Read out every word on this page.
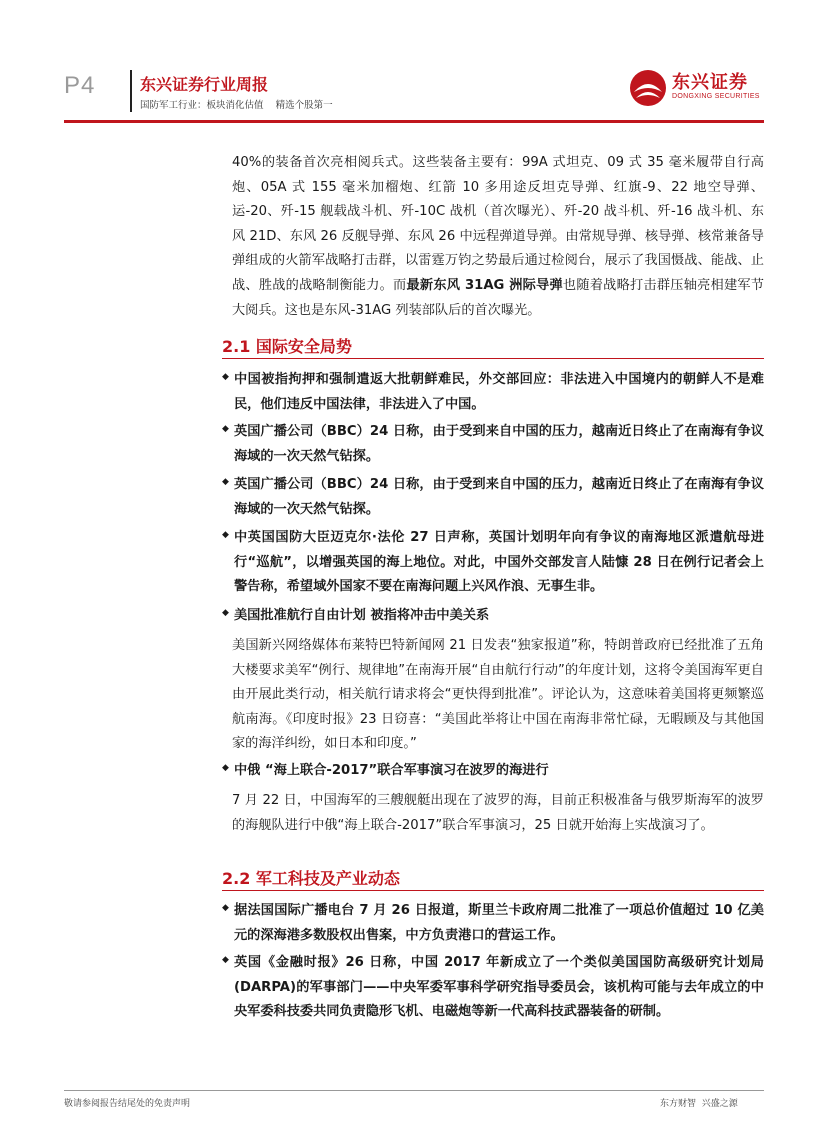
P4	东兴证券行业周报
国防军工行业：板块消化估值    精选个股第一
东兴证券
DONGXING SECURITIES
40%的装备首次亮相阅兵式。这些装备主要有：99A 式坦克、09 式 35 毫米履带自行高炮、05A 式 155 毫米加榴炮、红箭 10 多用途反坦克导弹、红旗-9、22 地空导弹、运-20、歼-15 舰载战斗机、歼-10C 战机（首次曝光）、歼-20 战斗机、歼-16 战斗机、东风 21D、东风 26 反舰导弹、东风 26 中远程弹道导弹。由常规导弹、核导弹、核常兼备导弹组成的火箭军战略打击群，以雷霆万钧之势最后通过检阅台，展示了我国慑战、能战、止战、胜战的战略制衡能力。而最新东风 31AG 洲际导弹也随着战略打击群压轴亮相建军节大阅兵。这也是东风-31AG 列装部队后的首次曝光。
2.1 国际安全局势
◆ 中国被指拘押和强制遣返大批朝鲜难民，外交部回应：非法进入中国境内的朝鲜人不是难民，他们违反中国法律，非法进入了中国。
◆ 英国广播公司（BBC）24 日称，由于受到来自中国的压力，越南近日终止了在南海有争议海域的一次天然气钻探。
◆ 英国广播公司（BBC）24 日称，由于受到来自中国的压力，越南近日终止了在南海有争议海域的一次天然气钻探。
◆ 中英国国防大臣迈克尔·法伦 27 日声称，英国计划明年向有争议的南海地区派遣航母进行“巡航”，以增强英国的海上地位。对此，中国外交部发言人陆慷 28 日在例行记者会上警告称，希望域外国家不要在南海问题上兴风作浪、无事生非。
◆ 美国批准航行自由计划 被指将冲击中美关系
美国新兴网络媒体布莱特巴特新闻网 21 日发表“独家报道”称，特朗普政府已经批准了五角大楼要求美军“例行、规律地”在南海开展“自由航行行动”的年度计划，这将令美国海军更自由开展此类行动，相关航行请求将会“更快得到批准”。评论认为，这意味着美国将更频繁巡航南海。《印度时报》23 日窃喜：“美国此举将让中国在南海非常忙碌，无暇顾及与其他国家的海洋纠纷，如日本和印度。”
◆ 中俄 “海上联合-2017”联合军事演习在波罗的海进行
7 月 22 日，中国海军的三艘舰艇出现在了波罗的海，目前正积极准备与俄罗斯海军的波罗的海舰队进行中俄“海上联合-2017”联合军事演习，25 日就开始海上实战演习了。
2.2 军工科技及产业动态
◆ 据法国国际广播电台 7 月 26 日报道，斯里兰卡政府周二批准了一项总价值超过 10 亿美元的深海港多数股权出售案，中方负责港口的营运工作。
◆ 英国《金融时报》26 日称，中国 2017 年新成立了一个类似美国国防高级研究计划局(DARPA)的军事部门——中央军委军事科学研究指导委员会，该机构可能与去年成立的中央军委科技委共同负责隐形飞机、电磁炮等新一代高科技武器装备的研制。
敬请参阅报告结尾处的免责声明	东方财智  兴盛之源
